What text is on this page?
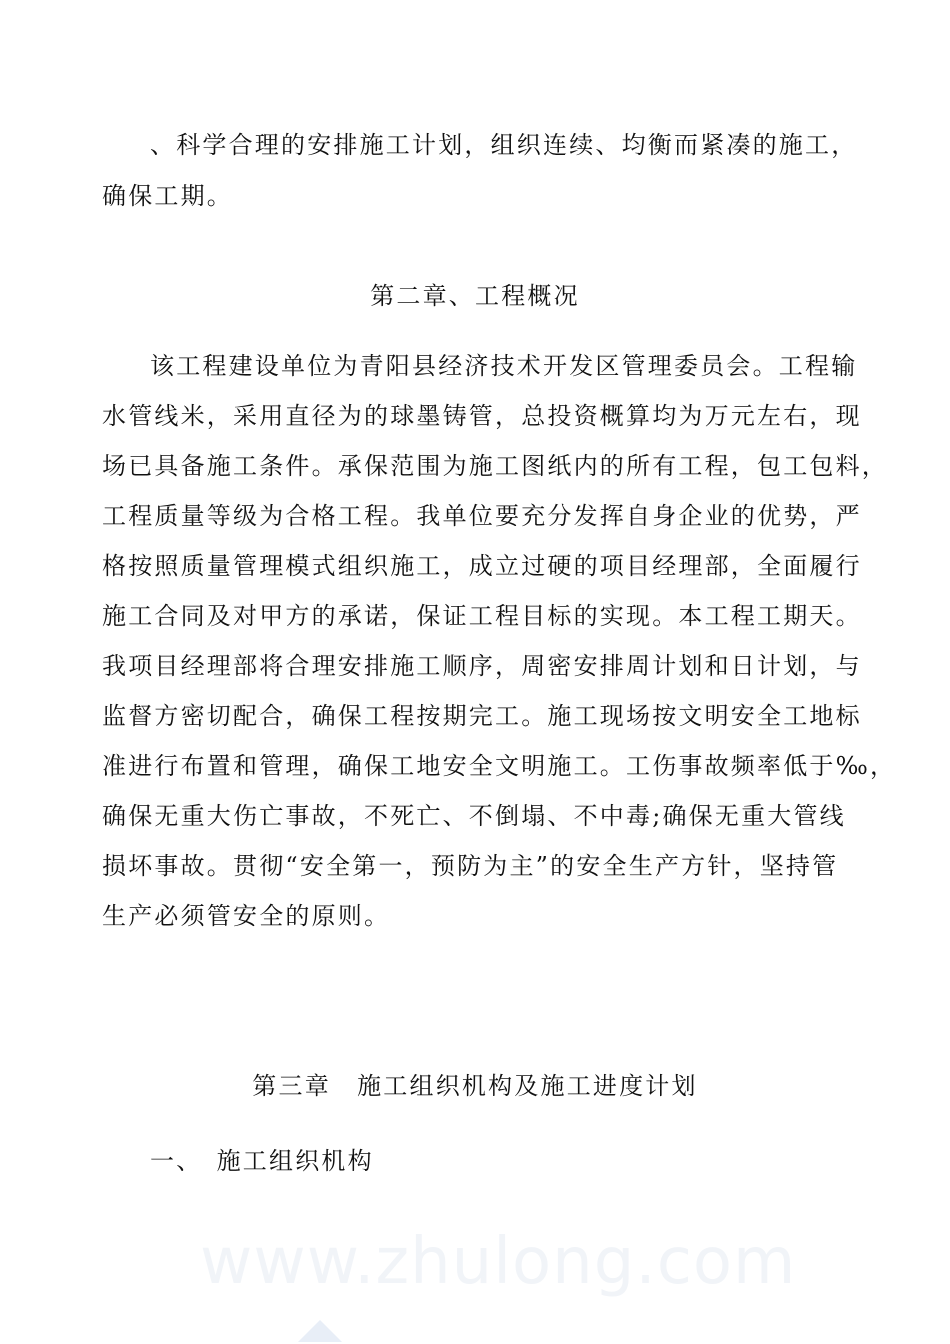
、科学合理的安排施工计划，组织连续、均衡而紧凑的施工，
确保工期。
第二章、工程概况
该工程建设单位为青阳县经济技术开发区管理委员会。工程输
水管线米，采用直径为的球墨铸管，总投资概算均为万元左右，现
场已具备施工条件。承保范围为施工图纸内的所有工程，包工包料，
工程质量等级为合格工程。我单位要充分发挥自身企业的优势，严
格按照质量管理模式组织施工，成立过硬的项目经理部，全面履行
施工合同及对甲方的承诺，保证工程目标的实现。本工程工期天。
我项目经理部将合理安排施工顺序，周密安排周计划和日计划，与
监督方密切配合，确保工程按期完工。施工现场按文明安全工地标
准进行布置和管理，确保工地安全文明施工。工伤事故频率低于‰，
确保无重大伤亡事故，不死亡、不倒塌、不中毒;确保无重大管线
损坏事故。贯彻“安全第一，预防为主”的安全生产方针，坚持管
生产必须管安全的原则。
第三章　施工组织机构及施工进度计划
一、　施工组织机构
www.zhulong.com
